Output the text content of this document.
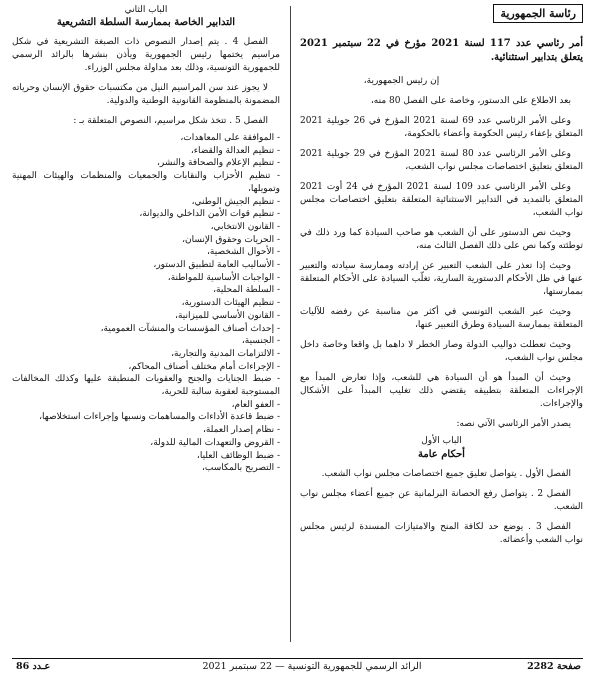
رئاسة الجمهورية
أمر رئاسي عدد 117 لسنة 2021 مؤرخ في 22 سبتمبر 2021 يتعلق بتدابير استثنائية.
إن رئيس الجمهورية،

بعد الاطلاع على الدستور، وخاصة على الفصل 80 منه،

وعلى الأمر الرئاسي عدد 69 لسنة 2021 المؤرخ في 26 جويلية 2021 المتعلق بإعفاء رئيس الحكومة وأعضاء بالحكومة،

وعلى الأمر الرئاسي عدد 80 لسنة 2021 المؤرخ في 29 جويلية 2021 المتعلق بتعليق اختصاصات مجلس نواب الشعب،

وعلى الأمر الرئاسي عدد 109 لسنة 2021 المؤرخ في 24 أوت 2021 المتعلق بالتمديد في التدابير الاستثنائية المتعلقة بتعليق اختصاصات مجلس نواب الشعب،

وحيث نص الدستور على أن الشعب هو صاحب السيادة كما ورد ذلك في توطئته وكما نص على ذلك الفصل الثالث منه،

وحيث إذا تعذر على الشعب التعبير عن إرادته وممارسة سيادته والتعبير عنها في ظل الأحكام الدستورية السارية، تغلّب السيادة على الأحكام المتعلقة بممارستها،

وحيث عبر الشعب التونسي في أكثر من مناسبة عن رفضه للآليات المتعلقة بممارسة السيادة وطرق التعبير عنها،

وحيث تعطلت دواليب الدولة وصار الخطر لا داهما بل واقعا وخاصة داخل مجلس نواب الشعب،

وحيث أن المبدأ هو أن السيادة هي للشعب، وإذا تعارض المبدأ مع الإجراءات المتعلقة بتطبيقه يقتضي ذلك تغليب المبدأ على الأشكال والإجراءات.

يصدر الأمر الرئاسي الآتي نصه:

الباب الأول
أحكام عامة

الفصل الأول . يتواصل تعليق جميع اختصاصات مجلس نواب الشعب.

الفصل 2 . يتواصل رفع الحصانة البرلمانية عن جميع أعضاء مجلس نواب الشعب.

الفصل 3 . يوضع حد لكافة المنح والامتيازات المسندة لرئيس مجلس نواب الشعب وأعضائه.

الباب الثاني
التدابير الخاصة بممارسة السلطة التشريعية

الفصل 4 . يتم إصدار النصوص ذات الصبغة التشريعية في شكل مراسيم يختمها رئيس الجمهورية ويأذن بنشرها بالرائد الرسمي للجمهورية التونسية، وذلك بعد مداولة مجلس الوزراء.

لا يجوز عند سن المراسيم النيل من مكتسبات حقوق الإنسان وحرياته المضمونة بالمنظومة القانونية الوطنية والدولية.

الفصل 5 . تتخذ شكل مراسيم، النصوص المتعلقة بـ :

- الموافقة على المعاهدات،
- تنظيم العدالة والقضاء،
- تنظيم الإعلام والصحافة والنشر،
- تنظيم الأحزاب والنقابات والجمعيات والمنظمات والهيئات المهنية وتمويلها،
- تنظيم الجيش الوطني،
- تنظيم قوات الأمن الداخلي والديوانة،
- القانون الانتخابي،
- الحريات وحقوق الإنسان،
- الأحوال الشخصية،
- الأساليب العامة لتطبيق الدستور،
- الواجبات الأساسية للمواطنة،
- السلطة المحلية،
- تنظيم الهيئات الدستورية،
- القانون الأساسي للميزانية،
- إحداث أصناف المؤسسات والمنشآت العمومية،
- الجنسية،
- الالتزامات المدنية والتجارية،
- الإجراءات أمام مختلف أصناف المحاكم،
- ضبط الجنايات والجنح والعقوبات المنطبقة عليها وكذلك المخالفات المستوجبة لعقوبة سالبة للحرية،
- العفو العام،
- ضبط قاعدة الأداءات والمساهمات ونسبها وإجراءات استخلاصها،
- نظام إصدار العملة،
- القروض والتعهدات المالية للدولة،
- ضبط الوظائف العليا،
- التصريح بالمكاسب،
صفحة 2282
الرائد الرسمي للجمهورية التونسية — 22 سبتمبر 2021
عـدد 86
